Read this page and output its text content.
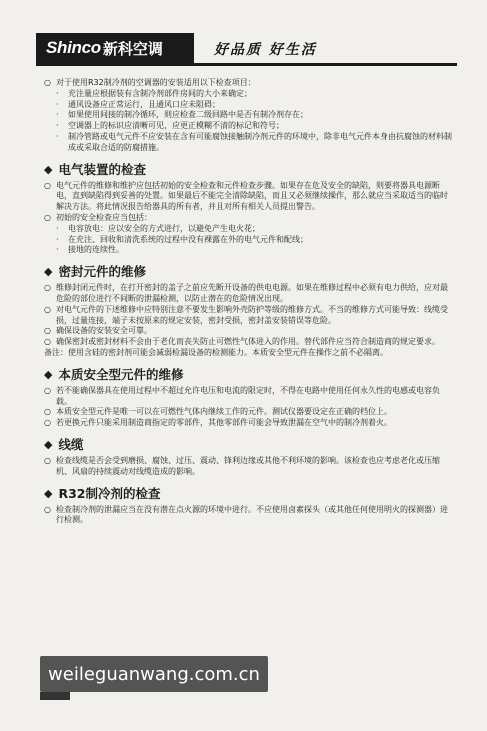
Shinco 新科空调	好品质 好生活
○ 对于使用R32制冷剂的空调器的安装适用以下检查项目：
·	充注量应根据装有含制冷剂部件房间的大小来确定；
·	通风设备应正常运行，且通风口应未阻碍；
·	如果使用间接的制冷循环，则应检查二级回路中是否有制冷剂存在；
·	空调器上的标识应清晰可见，应更正模糊不清的标记和符号；
·	制冷管路或电气元件不应安装在含有可能腐蚀接触制冷剂元件的环境中，除非电气元件本身由抗腐蚀的材料制成或采取合适的防腐措施。
◆ 电气装置的检查
○ 电气元件的维修和维护应包括初始的安全检查和元件检查步骤。如果存在危及安全的缺陷，则要将器具电源断电，直到缺陷得到妥善的处置。如果最后不能完全清除缺陷，而且又必须继续操作，那么就应当采取适当的临时解决方法。将此情况报告给器具的所有者，并且对所有相关人员提出警告。
○ 初始的安全检查应当包括：
·	电容放电：应以安全的方式进行，以避免产生电火花；
·	在充注、回收和清洗系统的过程中没有裸露在外的电气元件和配线；
·	接地的连续性。
◆ 密封元件的维修
○ 维修封闭元件时，在打开密封的盖子之前应先断开设备的供电电源。如果在维修过程中必须有电力供给，应对最危险的部位进行不间断的泄漏检测，以防止潜在的危险情况出现。
○ 对电气元件的下述维修中应特别注意不要发生影响外壳防护等级的维修方式。不当的维修方式可能导致：线缆受损，过量连接，端子未按原来的规定安装，密封受损，密封盖安装错误等危险。
○ 确保设备的安装安全可靠。
○ 确保密封或密封材料不会由于老化而丧失防止可燃性气体进入的作用。替代部件应当符合制造商的规定要求。
备注： 使用含硅的密封剂可能会减弱检漏设备的检测能力。本质安全型元件在操作之前不必隔离。
◆ 本质安全型元件的维修
○ 若不能确保器具在使用过程中不超过允许电压和电流的限定时，不得在电路中使用任何永久性的电感或电容负载。
○ 本质安全型元件是唯一可以在可燃性气体内继续工作的元件。测试仪器要设定在正确的档位上。
○ 若更换元件只能采用制造商指定的零部件，其他零部件可能会导致泄漏在空气中的制冷剂着火。
◆ 线缆
○ 检查线缆是否会受到磨损、腐蚀、过压、震动、锋利边缘或其他不利环境的影响。该检查也应考虑老化或压缩机、风扇的持续震动对线缆造成的影响。
◆ R32制冷剂的检查
○ 检查制冷剂的泄漏应当在没有潜在点火源的环境中进行。不应使用卤素探头（或其他任何使用明火的探测器）进行检测。
weileguanwang.com.cn
